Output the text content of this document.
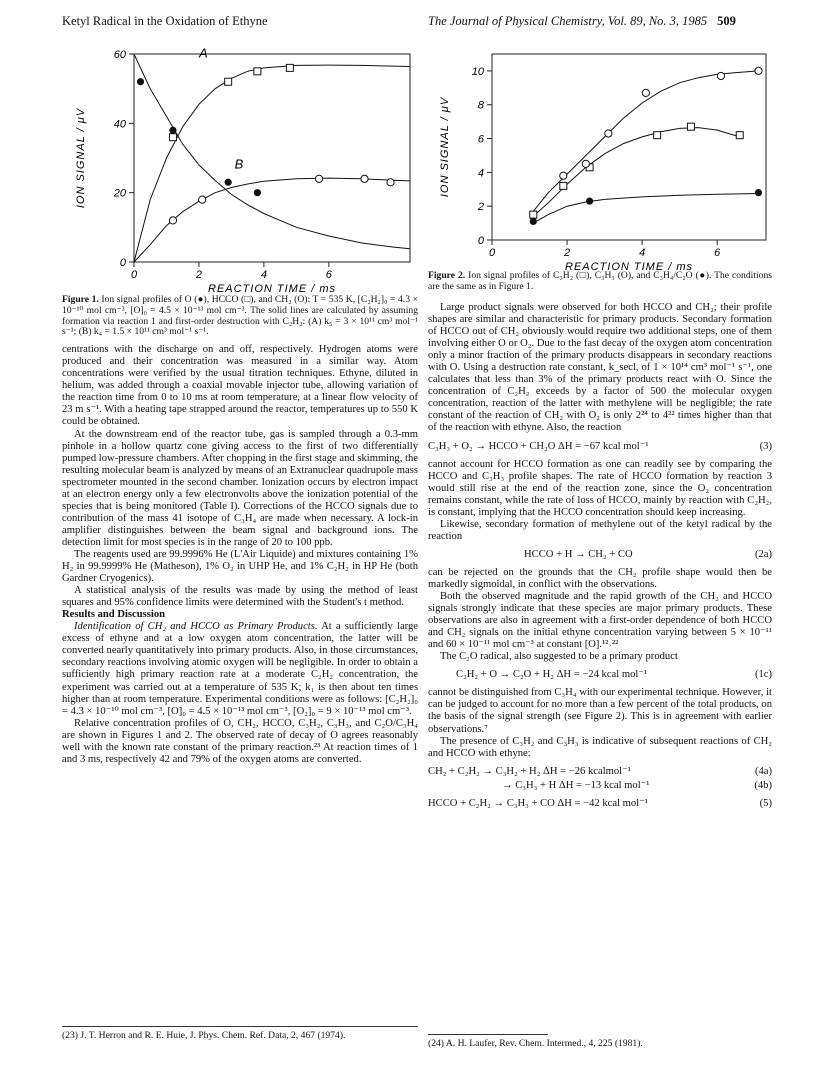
Ketyl Radical in the Oxidation of Ethyne	The Journal of Physical Chemistry, Vol. 89, No. 3, 1985 509
0	2	4	6
0
20
40
60
REACTION TIME / ms
ION SIGNAL / μV
A
B
0	2	4	6
0
2
4
6
8
10
REACTION TIME / ms
ION SIGNAL / μV
Figure 2. Ion signal profiles of C₃H₂ (□), C₃H₃ (O), and C₃H₄/C₂O (●). The conditions are the same as in Figure 1.
Figure 1. Ion signal profiles of O (●), HCCO (□), and CH₂ (O): T = 535 K, [C₂H₂]₀ = 4.3 × 10⁻¹⁰ mol cm⁻³, [O]₀ = 4.5 × 10⁻¹³ mol cm⁻³. The solid lines are calculated by assuming formation via reaction 1 and first-order destruction with C₂H₂: (A) k₅ = 3 × 10¹¹ cm³ mol⁻¹ s⁻¹; (B) k₄ = 1.5 × 10¹¹ cm³ mol⁻¹ s⁻¹.

centrations with the discharge on and off, respectively. Hydrogen atoms were produced and their concentration was measured in a similar way. Atom concentrations were verified by the usual titration techniques. Ethyne, diluted in helium, was added through a coaxial movable injector tube, allowing variation of the reaction time from 0 to 10 ms at room temperature, at a linear flow velocity of 23 m s⁻¹. With a heating tape strapped around the reactor, temperatures up to 550 K could be obtained.

At the downstream end of the reactor tube, gas is sampled through a 0.3-mm pinhole in a hollow quartz cone giving access to the first of two differentially pumped low-pressure chambers. After chopping in the first stage and skimming, the resulting molecular beam is analyzed by means of an Extranuclear quadrupole mass spectrometer mounted in the second chamber. Ionization occurs by electron impact at an electron energy only a few electronvolts above the ionization potential of the species that is being monitored (Table I). Corrections of the HCCO signals due to contribution of the mass 41 isotope of C₃H₄ are made when necessary. A lock-in amplifier distinguishes between the beam signal and background ions. The detection limit for most species is in the range of 20 to 100 ppb.

The reagents used are 99.9996% He (L'Air Liquide) and mixtures containing 1% H₂ in 99.9999% He (Matheson), 1% O₂ in UHP He, and 1% C₂H₂ in HP He (both Gardner Cryogenics).

A statistical analysis of the results was made by using the method of least squares and 95% confidence limits were determined with the Student's t method.

Results and Discussion

Identification of CH₂ and HCCO as Primary Products. At a sufficiently large excess of ethyne and at a low oxygen atom concentration, the latter will be converted nearly quantitatively into primary products. Also, in those circumstances, secondary reactions involving atomic oxygen will be negligible. In order to obtain a sufficiently high primary reaction rate at a moderate C₂H₂ concentration, the experiment was carried out at a temperature of 535 K; k₁ is then about ten times higher than at room temperature. Experimental conditions were as follows: [C₂H₂]₀ = 4.3 × 10⁻¹⁰ mol cm⁻³, [O]₀ = 4.5 × 10⁻¹³ mol cm⁻³, [O₂]₀ = 9 × 10⁻¹³ mol cm⁻³.

Relative concentration profiles of O, CH₂, HCCO, C₃H₂, C₃H₃, and C₂O/C₃H₄ are shown in Figures 1 and 2. The observed rate of decay of O agrees reasonably well with the known rate constant of the primary reaction.²³ At reaction times of 1 and 3 ms, respectively 42 and 79% of the oxygen atoms are converted.

Large product signals were observed for both HCCO and CH₂; their profile shapes are similar and characteristic for primary products. Secondary formation of HCCO out of CH₂ obviously would require two additional steps, one of them involving either O or O₂. Due to the fast decay of the oxygen atom concentration only a minor fraction of the primary products disappears in secondary reactions with O. Using a destruction rate constant, k_secl, of 1 × 10¹⁴ cm³ mol⁻¹ s⁻¹, one calculates that less than 3% of the primary products react with O. Since the concentration of C₂H₂ exceeds by a factor of 500 the molecular oxygen concentration, reaction of the latter with methylene will be negligible; the rate constant of the reaction of CH₂ with O₂ is only 2²⁴ to 4²² times higher than that of the reaction with ethyne. Also, the reaction

C₃H₃ + O₂ → HCCO + CH₂O ΔH = −67 kcal mol⁻¹	(3)

cannot account for HCCO formation as one can readily see by comparing the HCCO and C₃H₃ profile shapes. The rate of HCCO formation by reaction 3 would still rise at the end of the reaction zone, since the O₂ concentration remains constant, while the rate of loss of HCCO, mainly by reaction with C₂H₂, is constant, implying that the HCCO concentration should keep increasing.

Likewise, secondary formation of methylene out of the ketyl radical by the reaction

HCCO + H → CH₂ + CO	(2a)

can be rejected on the grounds that the CH₂ profile shape would then be markedly sigmoidal, in conflict with the observations.

Both the observed magnitude and the rapid growth of the CH₂ and HCCO signals strongly indicate that these species are major primary products. These observations are also in agreement with a first-order dependence of both HCCO and CH₂ signals on the initial ethyne concentration varying between 5 × 10⁻¹¹ and 60 × 10⁻¹¹ mol cm⁻³ at constant [O].¹²˒²²

The C₂O radical, also suggested to be a primary product

C₂H₂ + O → C₂O + H₂ ΔH = −24 kcal mol⁻¹	(1c)

cannot be distinguished from C₃H₄ with our experimental technique. However, it can be judged to account for no more than a few percent of the total products, on the basis of the signal strength (see Figure 2). This is in agreement with earlier observations.⁷

The presence of C₃H₂ and C₃H₃ is indicative of subsequent reactions of CH₂ and HCCO with ethyne:

CH₂ + C₂H₂ → C₃H₂ + H₂ ΔH = −26 kcalmol⁻¹	(4a)
→ C₃H₃ + H ΔH = −13 kcal mol⁻¹	(4b)
HCCO + C₂H₂ → C₃H₃ + CO ΔH = −42 kcal mol⁻¹	(5)
(23) J. T. Herron and R. E. Huie, J. Phys. Chem. Ref. Data, 2, 467 (1974).
(24) A. H. Laufer, Rev. Chem. Intermed., 4, 225 (1981).
